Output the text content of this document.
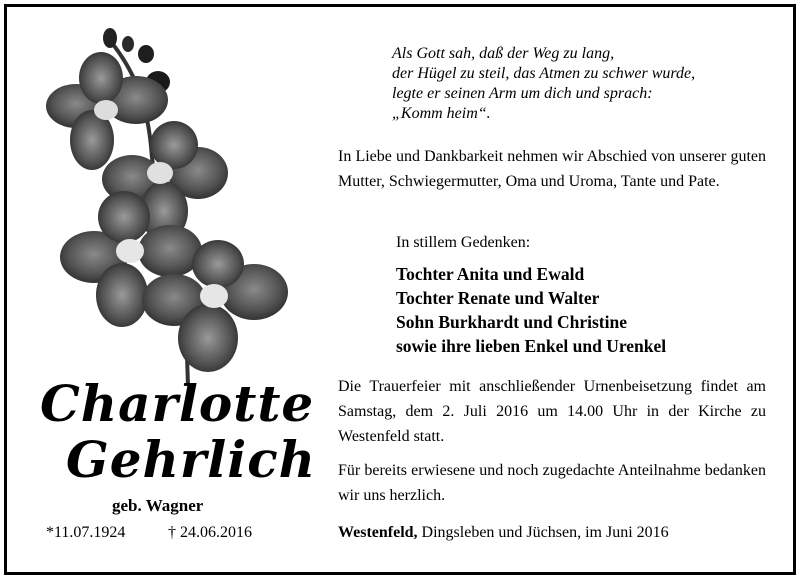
Als Gott sah, daß der Weg zu lang,
der Hügel zu steil, das Atmen zu schwer wurde,
legte er seinen Arm um dich und sprach:
„Komm heim“.
In Liebe und Dankbarkeit nehmen wir Abschied von unserer guten Mutter, Schwiegermutter, Oma und Uroma, Tante und Pate.
In stillem Gedenken:
Tochter Anita und Ewald
Tochter Renate und Walter
Sohn Burkhardt und Christine
sowie ihre lieben Enkel und Urenkel
Die Trauerfeier mit anschließender Urnenbeisetzung findet am Samstag, dem 2. Juli 2016 um 14.00 Uhr in der Kirche zu Westenfeld statt.
Für bereits erwiesene und noch zugedachte Anteilnahme bedanken wir uns herzlich.
Westenfeld, Dingsleben und Jüchsen, im Juni 2016
Charlotte
Gehrlich
geb. Wagner
*11.07.1924	† 24.06.2016
